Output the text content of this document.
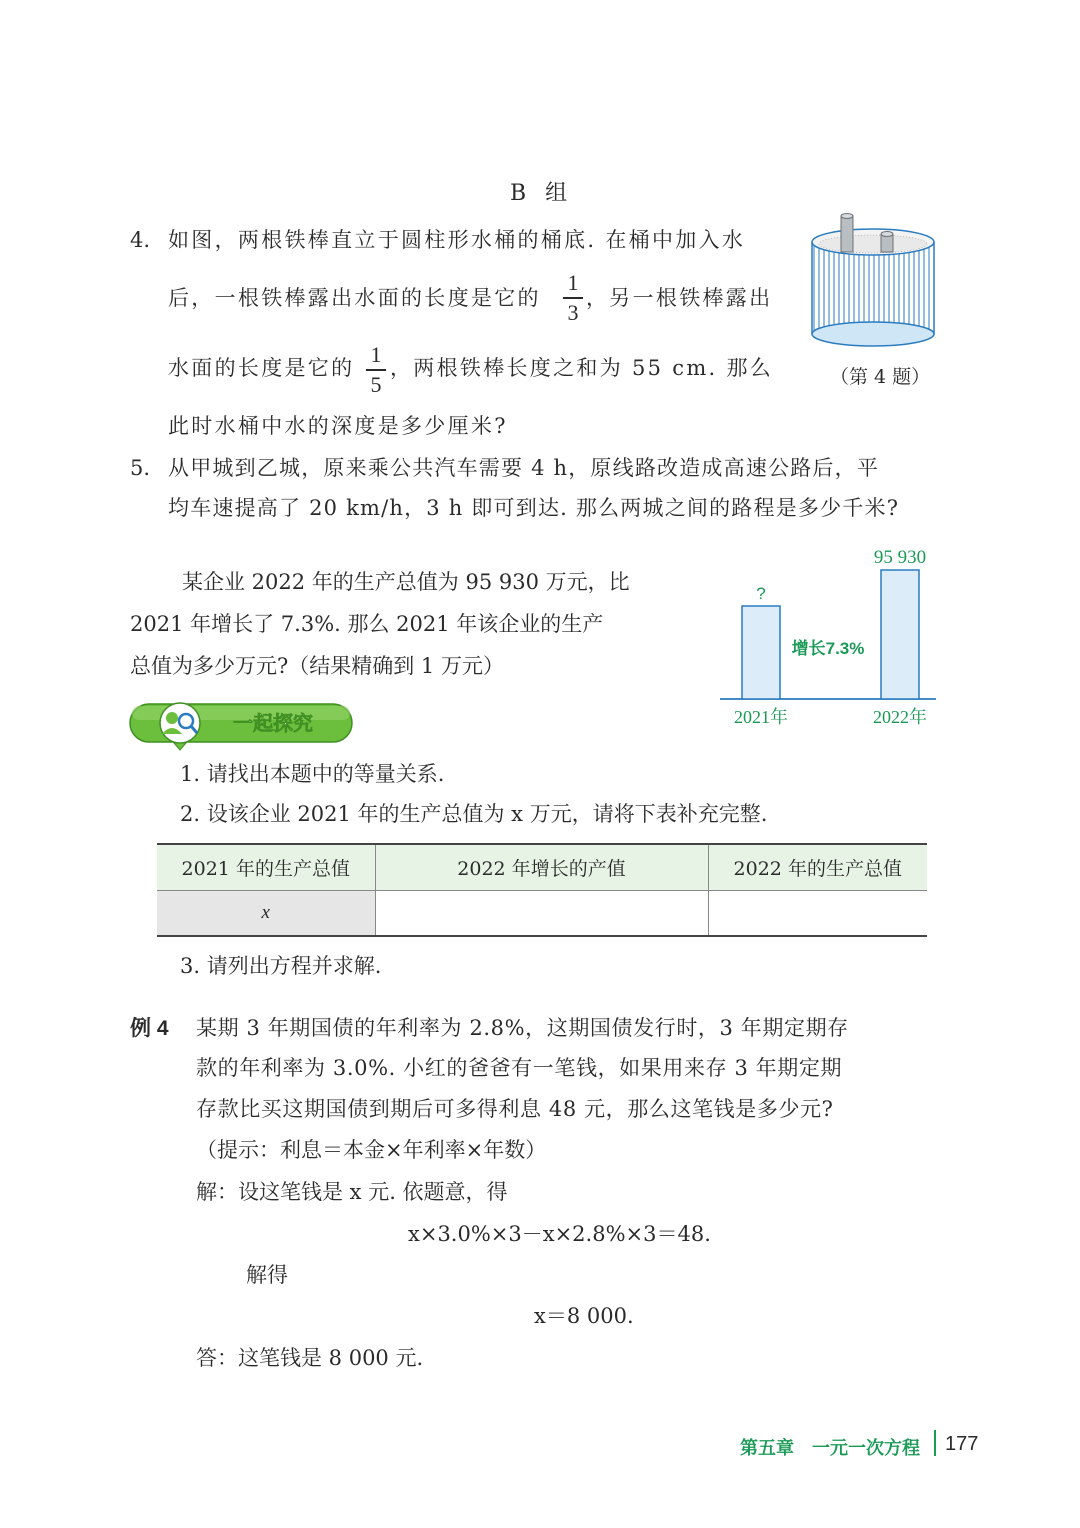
B 组
4. 如图，两根铁棒直立于圆柱形水桶的桶底. 在桶中加入水
后，一根铁棒露出水面的长度是它的
1
3
，另一根铁棒露出
水面的长度是它的
1
5
，两根铁棒长度之和为 55 cm. 那么
此时水桶中水的深度是多少厘米?
（第 4 题）
5. 从甲城到乙城，原来乘公共汽车需要 4 h，原线路改造成高速公路后，平
均车速提高了 20 km/h，3 h 即可到达. 那么两城之间的路程是多少千米?
某企业 2022 年的生产总值为 95 930 万元，比
2021 年增长了 7.3%. 那么 2021 年该企业的生产
总值为多少万元?（结果精确到 1 万元）
?
95 930
增长7.3%
2021年	2022年
一起探究
1. 请找出本题中的等量关系.
2. 设该企业 2021 年的生产总值为 x 万元，请将下表补充完整.
2021 年的生产总值	2022 年增长的产值	2022 年的生产总值
x		
3. 请列出方程并求解.
例 4 某期 3 年期国债的年利率为 2.8%，这期国债发行时，3 年期定期存
款的年利率为 3.0%. 小红的爸爸有一笔钱，如果用来存 3 年期定期
存款比买这期国债到期后可多得利息 48 元，那么这笔钱是多少元?
（提示：利息＝本金×年利率×年数）
解：设这笔钱是 x 元. 依题意，得
x×3.0%×3－x×2.8%×3＝48.
解得
x＝8 000.
答：这笔钱是 8 000 元.
第五章　一元一次方程 177
